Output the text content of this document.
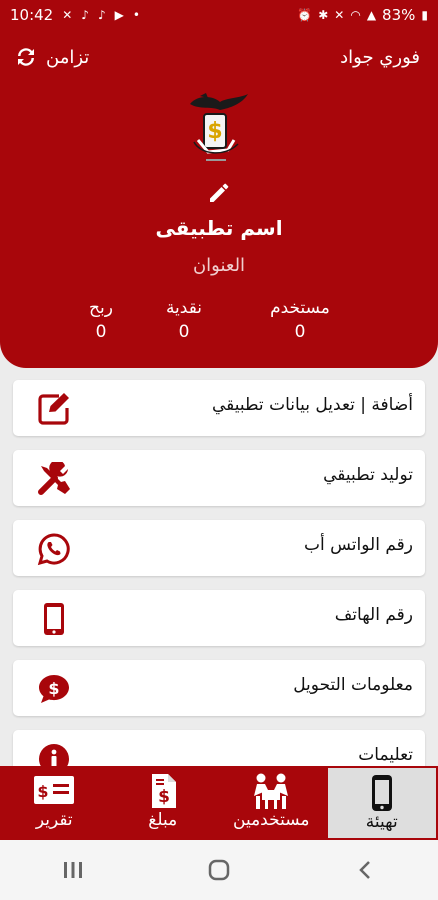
10:42 ✕ ♪ ♪ ▶ •	⏰ ✱ ✕ ◠ ▲ 83% ▮
فوري جواد
تزامن
$
اسم تطبيقى
العنوان
مستخدم
0
نقدية
0
ربح
0
أضافة | تعديل بيانات تطبيقي
توليد تطبيقي
رقم الواتس أب
رقم الهاتف
معلومات التحويل
$
تعليمات
$
تقرير
$
مبلغ	مستخدمين	تهيئة
